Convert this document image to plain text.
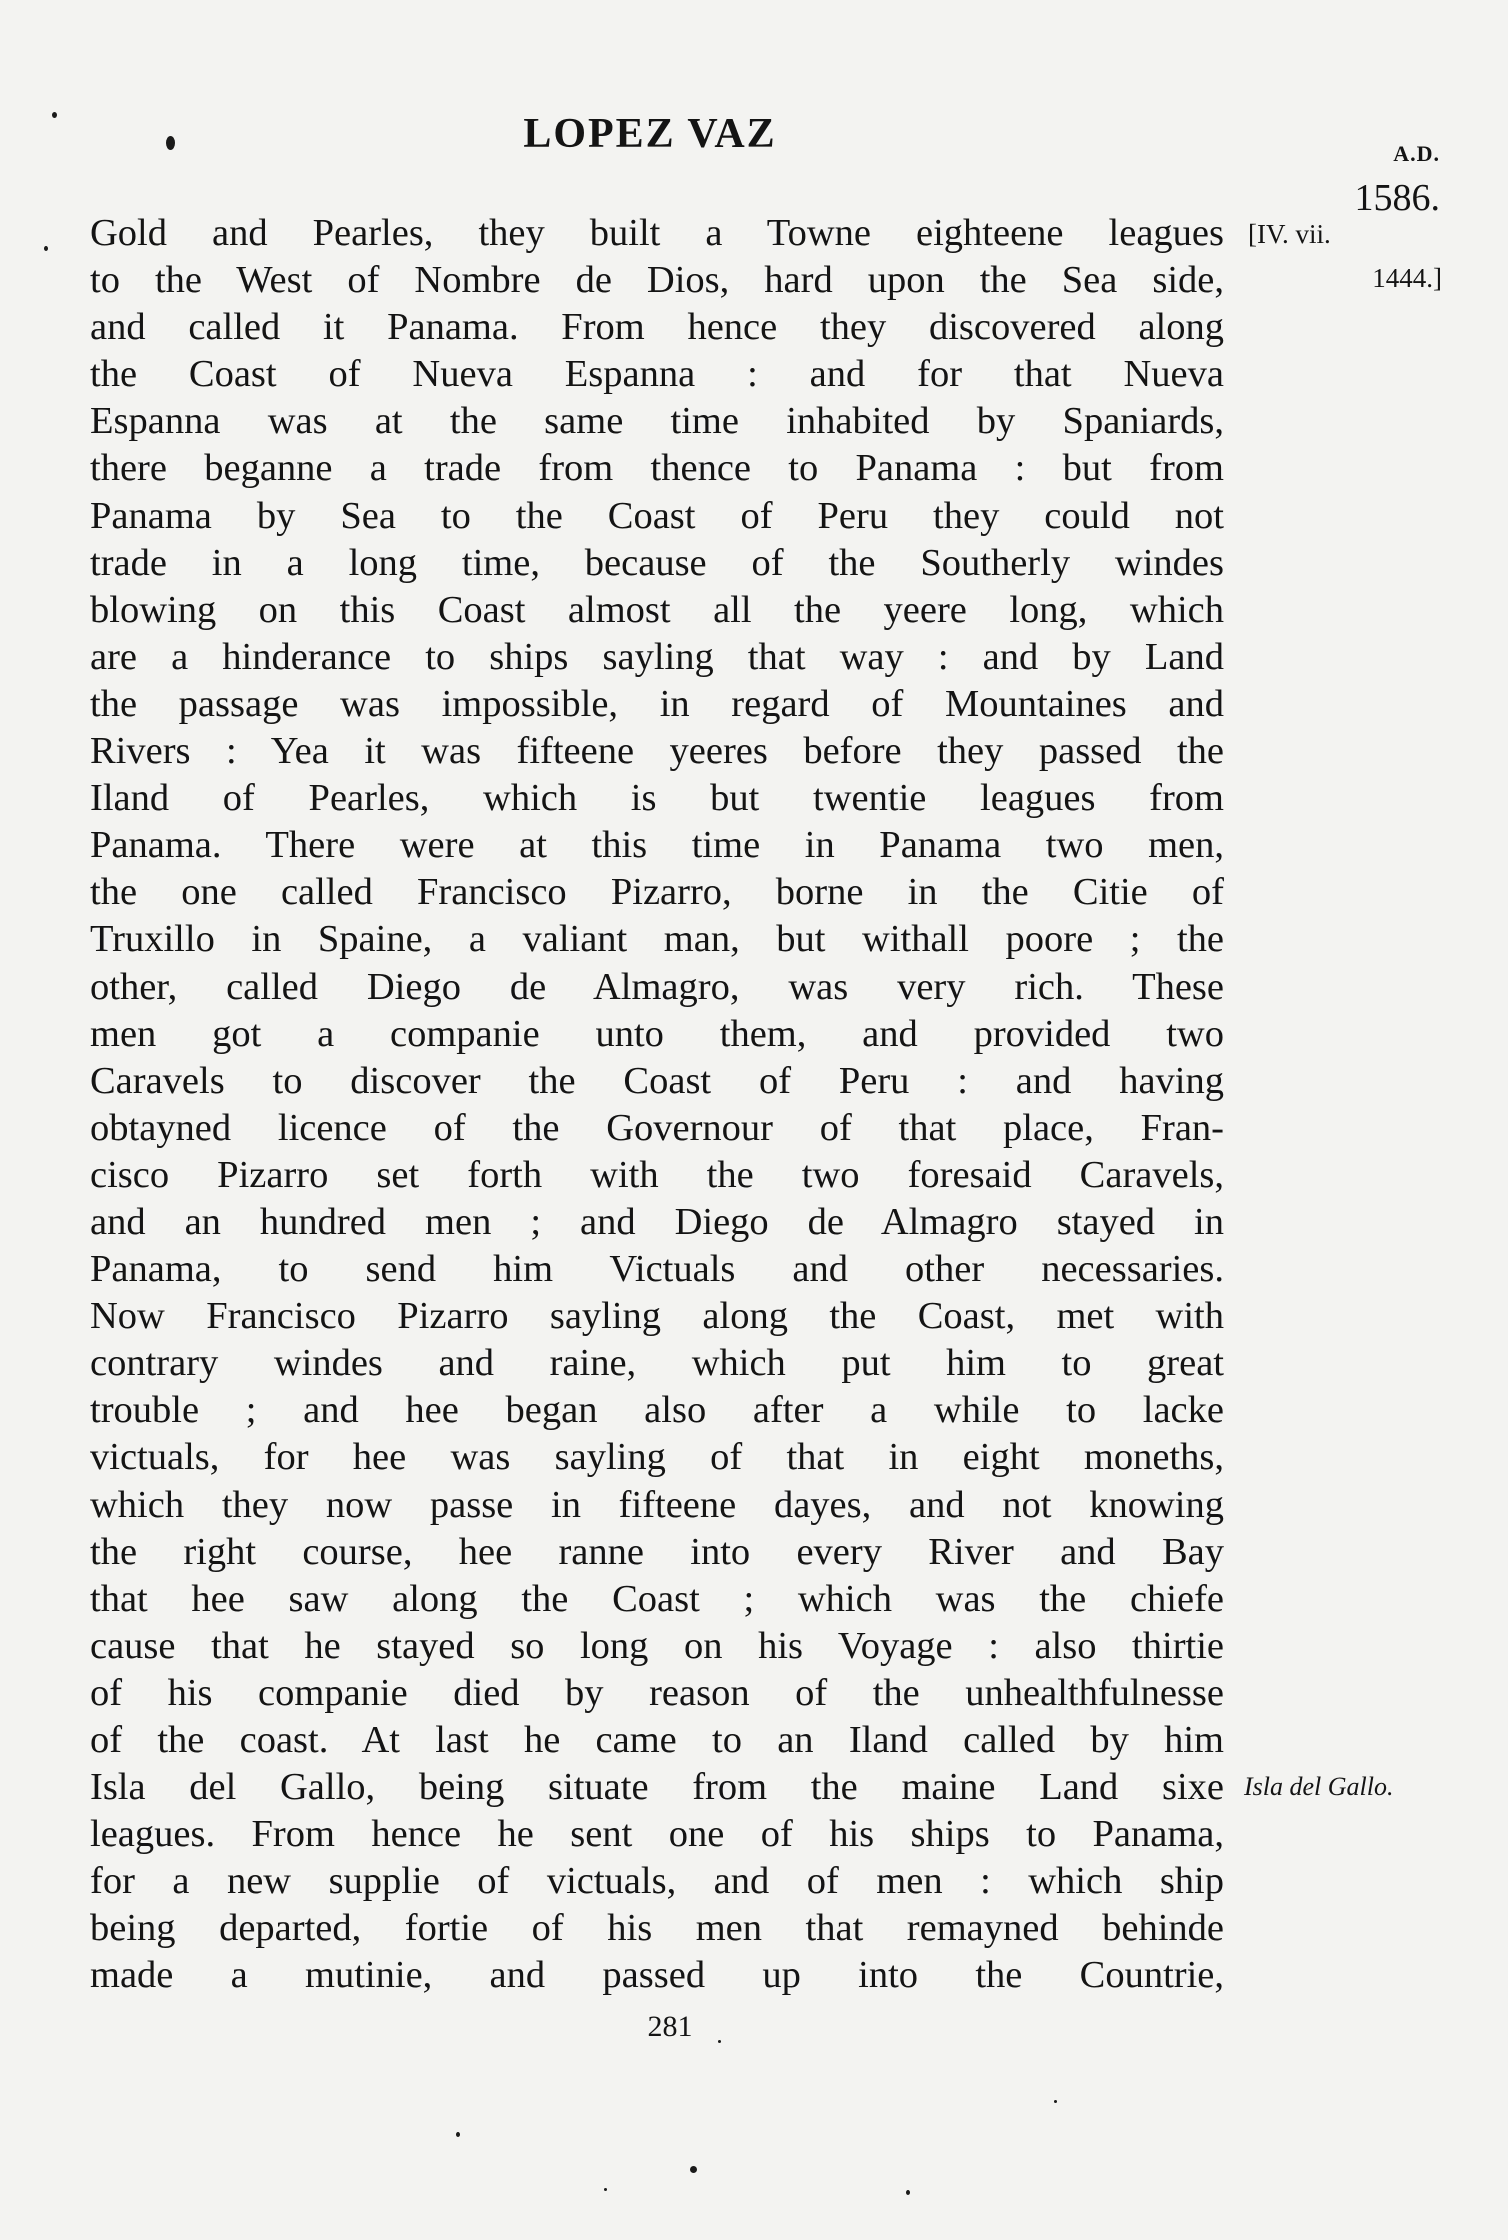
LOPEZ VAZ	A.D.
1586.
[IV. vii.
1444.]
Gold and Pearles, they built a Towne eighteene leagues
to the West of Nombre de Dios, hard upon the Sea side,
and called it Panama. From hence they discovered along
the Coast of Nueva Espanna : and for that Nueva
Espanna was at the same time inhabited by Spaniards,
there beganne a trade from thence to Panama : but from
Panama by Sea to the Coast of Peru they could not
trade in a long time, because of the Southerly windes
blowing on this Coast almost all the yeere long, which
are a hinderance to ships sayling that way : and by Land
the passage was impossible, in regard of Mountaines and
Rivers : Yea it was fifteene yeeres before they passed the
Iland of Pearles, which is but twentie leagues from
Panama. There were at this time in Panama two men,
the one called Francisco Pizarro, borne in the Citie of
Truxillo in Spaine, a valiant man, but withall poore ; the
other, called Diego de Almagro, was very rich. These
men got a companie unto them, and provided two
Caravels to discover the Coast of Peru : and having
obtayned licence of the Governour of that place, Fran-
cisco Pizarro set forth with the two foresaid Caravels,
and an hundred men ; and Diego de Almagro stayed in
Panama, to send him Victuals and other necessaries.
Now Francisco Pizarro sayling along the Coast, met with
contrary windes and raine, which put him to great
trouble ; and hee began also after a while to lacke
victuals, for hee was sayling of that in eight moneths,
which they now passe in fifteene dayes, and not knowing
the right course, hee ranne into every River and Bay
that hee saw along the Coast ; which was the chiefe
cause that he stayed so long on his Voyage : also thirtie
of his companie died by reason of the unhealthfulnesse
of the coast. At last he came to an Iland called by him
Isla del Gallo, being situate from the maine Land sixe
leagues. From hence he sent one of his ships to Panama,
for a new supplie of victuals, and of men : which ship
being departed, fortie of his men that remayned behinde
made a mutinie, and passed up into the Countrie,
Isla del Gallo.
281
